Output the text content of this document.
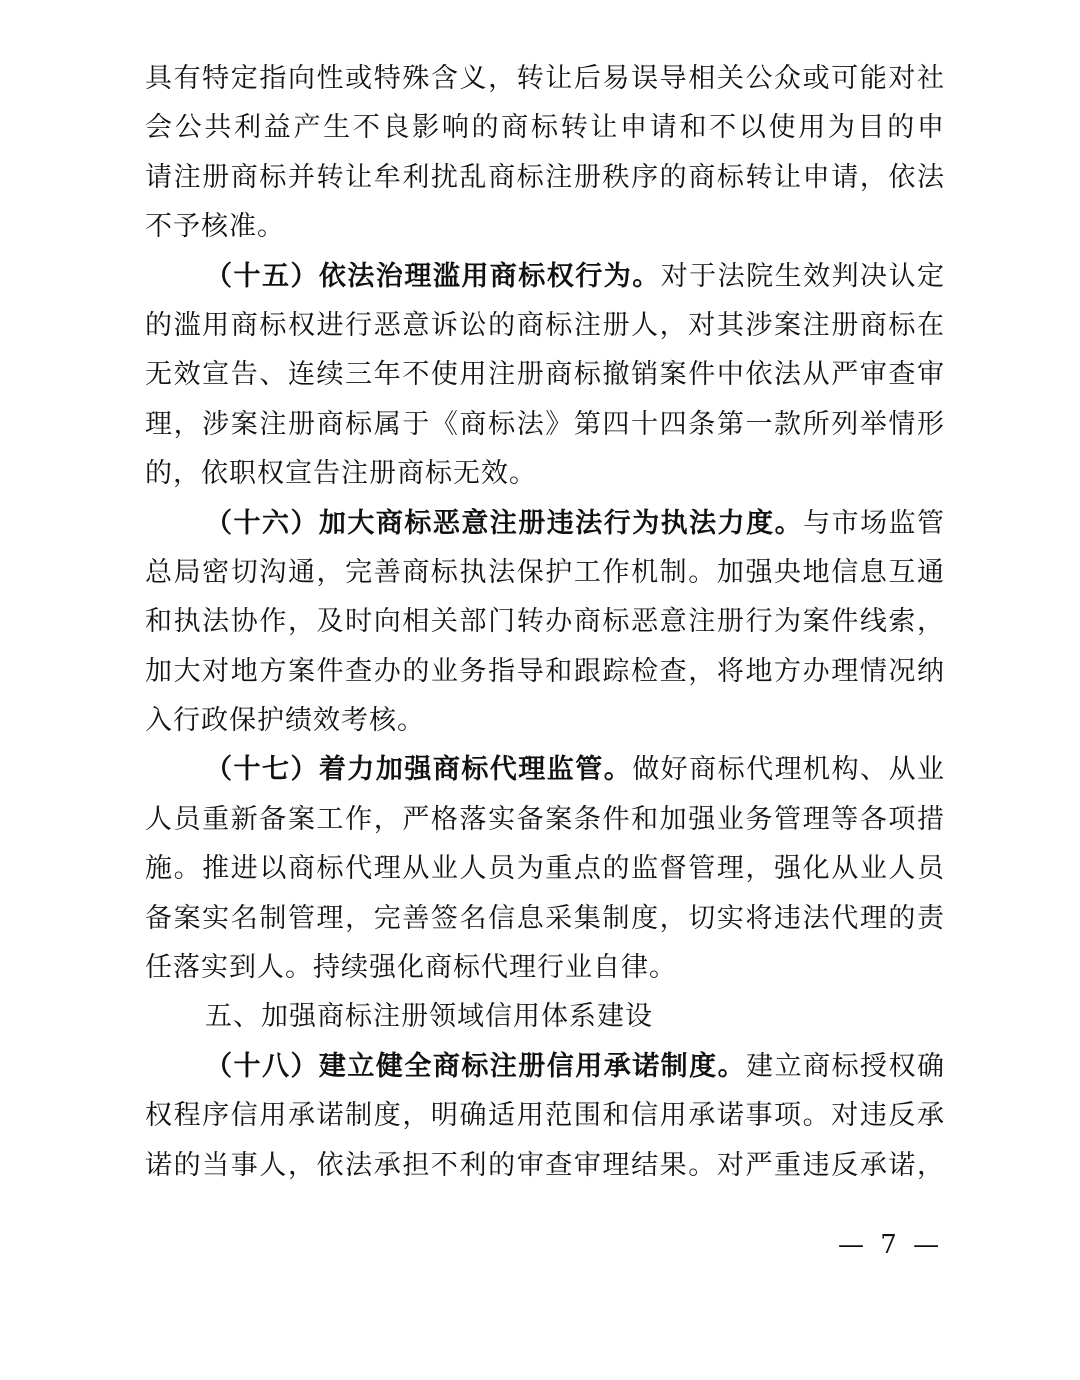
具有特定指向性或特殊含义，转让后易误导相关公众或可能对社
会公共利益产生不良影响的商标转让申请和不以使用为目的申
请注册商标并转让牟利扰乱商标注册秩序的商标转让申请，依法
不予核准。
（十五）依法治理滥用商标权行为。对于法院生效判决认定
的滥用商标权进行恶意诉讼的商标注册人，对其涉案注册商标在
无效宣告、连续三年不使用注册商标撤销案件中依法从严审查审
理，涉案注册商标属于《商标法》第四十四条第一款所列举情形
的，依职权宣告注册商标无效。
（十六）加大商标恶意注册违法行为执法力度。与市场监管
总局密切沟通，完善商标执法保护工作机制。加强央地信息互通
和执法协作，及时向相关部门转办商标恶意注册行为案件线索，
加大对地方案件查办的业务指导和跟踪检查，将地方办理情况纳
入行政保护绩效考核。
（十七）着力加强商标代理监管。做好商标代理机构、从业
人员重新备案工作，严格落实备案条件和加强业务管理等各项措
施。推进以商标代理从业人员为重点的监督管理，强化从业人员
备案实名制管理，完善签名信息采集制度，切实将违法代理的责
任落实到人。持续强化商标代理行业自律。
五、加强商标注册领域信用体系建设
（十八）建立健全商标注册信用承诺制度。建立商标授权确
权程序信用承诺制度，明确适用范围和信用承诺事项。对违反承
诺的当事人，依法承担不利的审查审理结果。对严重违反承诺，
— 7 —
